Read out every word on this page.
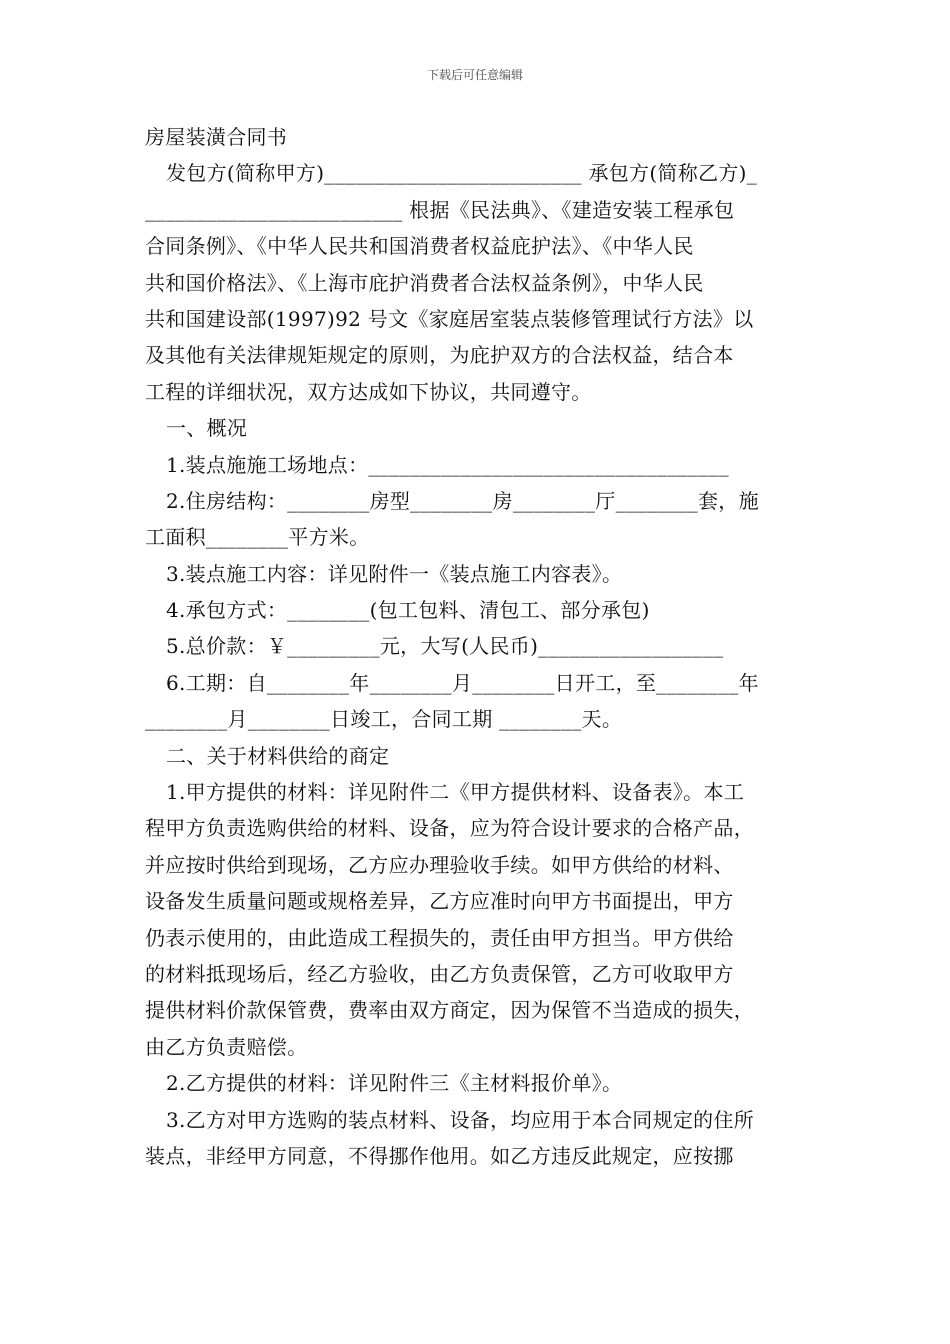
下载后可任意编辑
房屋装潢合同书
发包方(简称甲方)_________________________ 承包方(简称乙方)_
_________________________ 根据《民法典》、《建造安装工程承包
合同条例》、《中华人民共和国消费者权益庇护法》、《中华人民
共和国价格法》、《上海市庇护消费者合法权益条例》，中华人民
共和国建设部(1997)92 号文《家庭居室装点装修管理试行方法》以
及其他有关法律规矩规定的原则，为庇护双方的合法权益，结合本
工程的详细状况，双方达成如下协议，共同遵守。
一、概况
1.装点施施工场地点：___________________________________
2.住房结构：________房型________房________厅________套，施
工面积________平方米。
3.装点施工内容：详见附件一《装点施工内容表》。
4.承包方式：________(包工包料、清包工、部分承包)
5.总价款：￥_________元，大写(人民币)__________________
6.工期：自________年________月________日开工，至________年
________月________日竣工，合同工期 ________天。
二、关于材料供给的商定
1.甲方提供的材料：详见附件二《甲方提供材料、设备表》。本工
程甲方负责选购供给的材料、设备，应为符合设计要求的合格产品，
并应按时供给到现场，乙方应办理验收手续。如甲方供给的材料、
设备发生质量问题或规格差异，乙方应准时向甲方书面提出，甲方
仍表示使用的，由此造成工程损失的，责任由甲方担当。甲方供给
的材料抵现场后，经乙方验收，由乙方负责保管，乙方可收取甲方
提供材料价款保管费，费率由双方商定，因为保管不当造成的损失，
由乙方负责赔偿。
2.乙方提供的材料：详见附件三《主材料报价单》。
3.乙方对甲方选购的装点材料、设备，均应用于本合同规定的住所
装点，非经甲方同意，不得挪作他用。如乙方违反此规定，应按挪
